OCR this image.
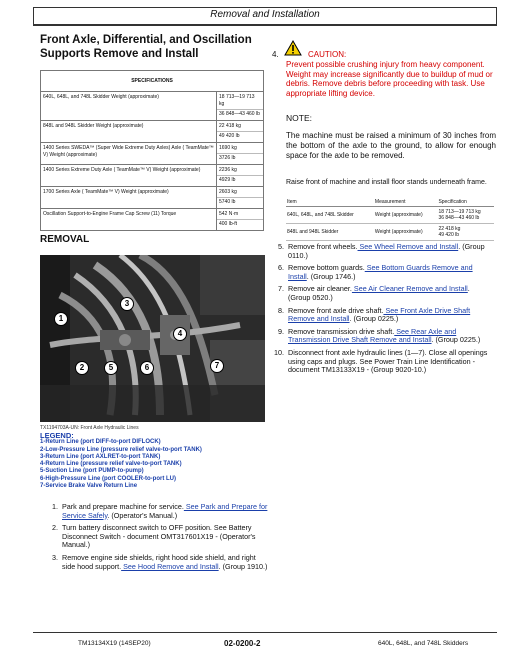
Removal and Installation
Front Axle, Differential, and Oscillation Supports Remove and Install
SPECIFICATIONS	
640L, 648L, and 748L Skidder Weight (approximate)	18 713—19 713 kg
36 848—43 460 lb

848L and 948L Skidder Weight (approximate)	22 418 kg
49 420 lb

1400 Series SWEDA™ (Super Wide Extreme Duty Axles) Axle ( TeamMate™ V) Weight (approximate)	1690 kg
3726 lb

1400 Series Extreme Duty Axle ( TeamMate™ V) Weight (approximate)	2236 kg
4929 lb

1700 Series Axle ( TeamMate™ V) Weight (approximate)	2603 kg
5740 lb

Oscillation Support-to-Engine Frame Cap Screw (11) Torque	542 N·m
400 lb-ft
REMOVAL
1
2
3
4
5	6	7
TX1194703A-UN: Front Axle Hydraulic Lines
LEGEND:
1-Return Line (port DIFF-to-port DIFLOCK)
2-Low-Pressure Line (pressure relief valve-to-port TANK)
3-Return Line (port AXLRET-to-port TANK)
4-Return Line (pressure relief valve-to-port TANK)
5-Suction Line (port PUMP-to-pump)
6-High-Pressure Line (port COOLER-to-port LU)
7-Service Brake Valve Return Line
1. Park and prepare machine for service. See Park and Prepare for Service Safely. (Operator's Manual.)
2. Turn battery disconnect switch to OFF position. See Battery Disconnect Switch - document OMT317601X19 - (Operator's Manual.)
3. Remove engine side shields, right hood side shield, and right side hood support. See Hood Remove and Install. (Group 1910.)
4.	CAUTION:
Prevent possible crushing injury from heavy component. Weight may increase significantly due to buildup of mud or debris. Remove debris before proceeding with task. Use appropriate lifting device.
NOTE:
The machine must be raised a minimum of 30 inches from the bottom of the axle to the ground, to allow for enough space for the axle to be removed.
Raise front of machine and install floor stands underneath frame.
Item	Measurement	Specification
640L, 648L, and 748L Skidder	Weight (approximate)	18 713—19 713 kg
36 848—43 460 lb
848L and 948L Skidder	Weight (approximate)	22 418 kg
49 420 lb
5. Remove front wheels. See Wheel Remove and Install. (Group 0110.)
6. Remove bottom guards. See Bottom Guards Remove and Install. (Group 1746.)
7. Remove air cleaner. See Air Cleaner Remove and Install. (Group 0520.)
8. Remove front axle drive shaft. See Front Axle Drive Shaft Remove and Install. (Group 0225.)
9. Remove transmission drive shaft. See Rear Axle and Transmission Drive Shaft Remove and Install. (Group 0225.)
10. Disconnect front axle hydraulic lines (1—7). Close all openings using caps and plugs. See Power Train Line Identification - document TM13133X19 - (Group 9020-10.)
TM13134X19 (14SEP20)	02-0200-2	640L, 648L, and 748L Skidders
